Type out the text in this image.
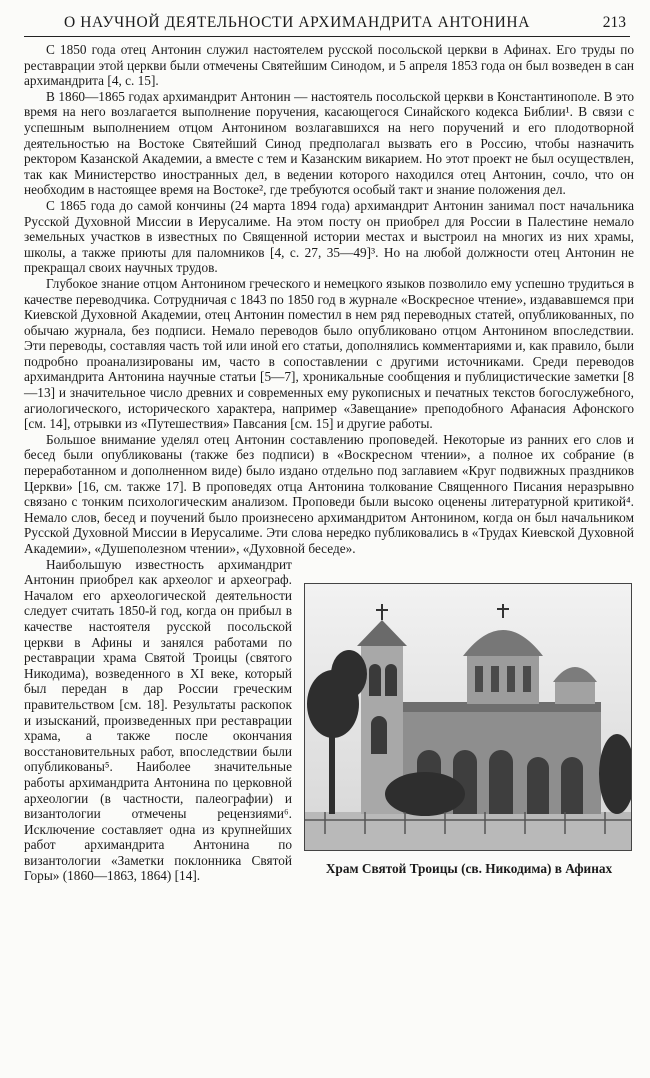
О НАУЧНОЙ ДЕЯТЕЛЬНОСТИ АРХИМАНДРИТА АНТОНИНА	213

С 1850 года отец Антонин служил настоятелем русской посольской церкви в Афинах. Его труды по реставрации этой церкви были отмечены Святейшим Синодом, и 5 апреля 1853 года он был возведен в сан архимандрита [4, с. 15].

В 1860—1865 годах архимандрит Антонин — настоятель посольской церкви в Константинополе. В это время на него возлагается выполнение поручения, касающегося Синайского кодекса Библии¹. В связи с успешным выполнением отцом Антонином возлагавшихся на него поручений и его плодотворной деятельностью на Востоке Святейший Синод предполагал вызвать его в Россию, чтобы назначить ректором Казанской Академии, а вместе с тем и Казанским викарием. Но этот проект не был осуществлен, так как Министерство иностранных дел, в ведении которого находился отец Антонин, сочло, что он необходим в настоящее время на Востоке², где требуются особый такт и знание положения дел.

С 1865 года до самой кончины (24 марта 1894 года) архимандрит Антонин занимал пост начальника Русской Духовной Миссии в Иерусалиме. На этом посту он приобрел для России в Палестине немало земельных участков в известных по Священной истории местах и выстроил на многих из них храмы, школы, а также приюты для паломников [4, с. 27, 35—49]³. Но на любой должности отец Антонин не прекращал своих научных трудов.

Глубокое знание отцом Антонином греческого и немецкого языков позволило ему успешно трудиться в качестве переводчика. Сотрудничая с 1843 по 1850 год в журнале «Воскресное чтение», издававшемся при Киевской Духовной Академии, отец Антонин поместил в нем ряд переводных статей, опубликованных, по обычаю журнала, без подписи. Немало переводов было опубликовано отцом Антонином впоследствии. Эти переводы, составляя часть той или иной его статьи, дополнялись комментариями и, как правило, были подробно проанализированы им, часто в сопоставлении с другими источниками. Среди переводов архимандрита Антонина научные статьи [5—7], хроникальные сообщения и публицистические заметки [8—13] и значительное число древних и современных ему рукописных и печатных текстов богослужебного, агиологического, исторического характера, например «Завещание» преподобного Афанасия Афонского [см. 14], отрывки из «Путешествия» Павсания [см. 15] и другие работы.

Большое внимание уделял отец Антонин составлению проповедей. Некоторые из ранних его слов и бесед были опубликованы (также без подписи) в «Воскресном чтении», а полное их собрание (в переработанном и дополненном виде) было издано отдельно под заглавием «Круг подвижных праздников Церкви» [16, см. также 17]. В проповедях отца Антонина толкование Священного Писания неразрывно связано с тонким психологическим анализом. Проповеди были высоко оценены литературной критикой⁴. Немало слов, бесед и поучений было произнесено архимандритом Антонином, когда он был начальником Русской Духовной Миссии в Иерусалиме. Эти слова нередко публиковались в «Трудах Киевской Духовной Академии», «Душеполезном чтении», «Духовной беседе».

Храм Святой Троицы (св. Никодима) в Афинах

Наибольшую известность архимандрит Антонин приобрел как археолог и археограф. Началом его археологической деятельности следует считать 1850-й год, когда он прибыл в качестве настоятеля русской посольской церкви в Афины и занялся работами по реставрации храма Святой Троицы (святого Никодима), возведенного в XI веке, который был передан в дар России греческим правительством [см. 18]. Результаты раскопок и изысканий, произведенных при реставрации храма, а также после окончания восстановительных работ, впоследствии были опубликованы⁵. Наиболее значительные работы архимандрита Антонина по церковной археологии (в частности, палеографии) и византологии отмечены рецензиями⁶. Исключение составляет одна из крупнейших работ архимандрита Антонина по византологии «Заметки поклонника Святой Горы» (1860—1863, 1864) [14].
